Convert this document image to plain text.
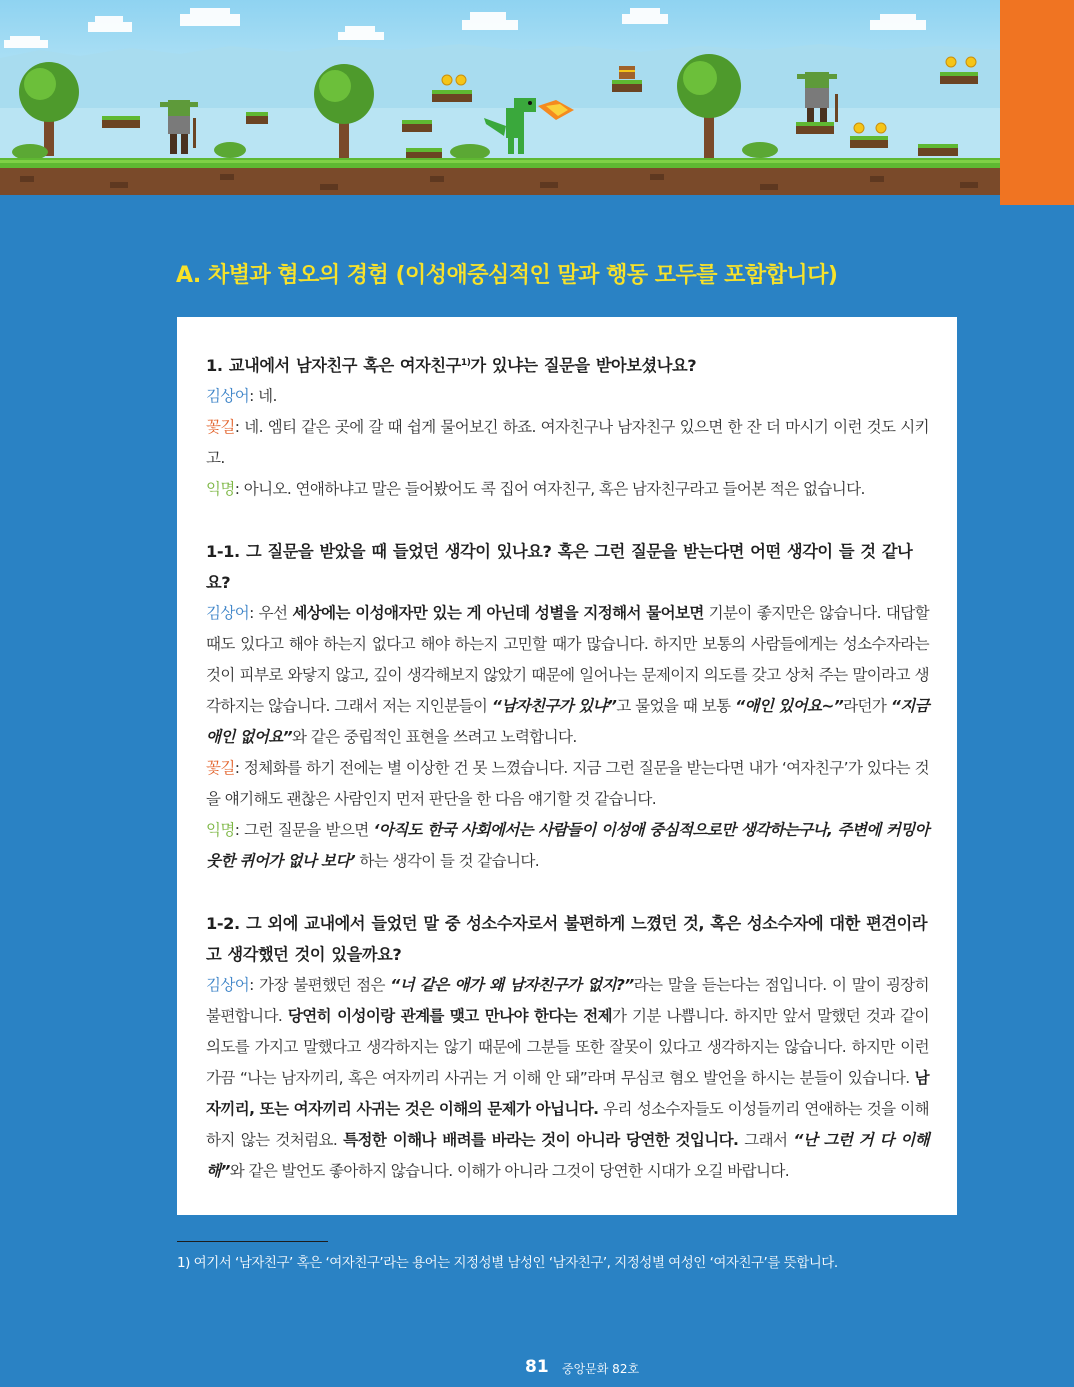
A. 차별과 혐오의 경험 (이성애중심적인 말과 행동 모두를 포함합니다)

1. 교내에서 남자친구 혹은 여자친구$^{1)}$가 있냐는 질문을 받아보셨나요?

김상어: 네.

꽃길: 네. 엠티 같은 곳에 갈 때 쉽게 물어보긴 하죠. 여자친구나 남자친구 있으면 한 잔 더 마시기 이런 것도 시키고.

익명: 아니오. 연애하냐고 말은 들어봤어도 콕 집어 여자친구, 혹은 남자친구라고 들어본 적은 없습니다.

1-1. 그 질문을 받았을 때 들었던 생각이 있나요? 혹은 그런 질문을 받는다면 어떤 생각이 들 것 같나요?

김상어: 우선 세상에는 이성애자만 있는 게 아닌데 성별을 지정해서 물어보면 기분이 좋지만은 않습니다. 대답할 때도 있다고 해야 하는지 없다고 해야 하는지 고민할 때가 많습니다. 하지만 보통의 사람들에게는 성소수자라는 것이 피부로 와닿지 않고, 깊이 생각해보지 않았기 때문에 일어나는 문제이지 의도를 갖고 상처 주는 말이라고 생각하지는 않습니다. 그래서 저는 지인분들이 “남자친구가 있냐”고 물었을 때 보통 “애인 있어요~”라던가 “지금 애인 없어요”와 같은 중립적인 표현을 쓰려고 노력합니다.

꽃길: 정체화를 하기 전에는 별 이상한 건 못 느꼈습니다. 지금 그런 질문을 받는다면 내가 ‘여자친구’가 있다는 것을 얘기해도 괜찮은 사람인지 먼저 판단을 한 다음 얘기할 것 같습니다.

익명: 그런 질문을 받으면 ‘아직도 한국 사회에서는 사람들이 이성애 중심적으로만 생각하는구나, 주변에 커밍아웃한 퀴어가 없나 보다’ 하는 생각이 들 것 같습니다.

1-2. 그 외에 교내에서 들었던 말 중 성소수자로서 불편하게 느꼈던 것, 혹은 성소수자에 대한 편견이라고 생각했던 것이 있을까요?

김상어: 가장 불편했던 점은 “너 같은 애가 왜 남자친구가 없지?”라는 말을 듣는다는 점입니다. 이 말이 굉장히 불편합니다. 당연히 이성이랑 관계를 맺고 만나야 한다는 전제가 기분 나쁩니다. 하지만 앞서 말했던 것과 같이 의도를 가지고 말했다고 생각하지는 않기 때문에 그분들 또한 잘못이 있다고 생각하지는 않습니다. 하지만 이런 가끔 “나는 남자끼리, 혹은 여자끼리 사귀는 거 이해 안 돼”라며 무심코 혐오 발언을 하시는 분들이 있습니다. 남자끼리, 또는 여자끼리 사귀는 것은 이해의 문제가 아닙니다. 우리 성소수자들도 이성들끼리 연애하는 것을 이해하지 않는 것처럼요. 특정한 이해나 배려를 바라는 것이 아니라 당연한 것입니다. 그래서 “난 그런 거 다 이해해”와 같은 발언도 좋아하지 않습니다. 이해가 아니라 그것이 당연한 시대가 오길 바랍니다.

1) 여기서 ‘남자친구’ 혹은 ‘여자친구’라는 용어는 지정성별 남성인 ‘남자친구’, 지정성별 여성인 ‘여자친구’를 뜻합니다.

81 중앙문화 82호
